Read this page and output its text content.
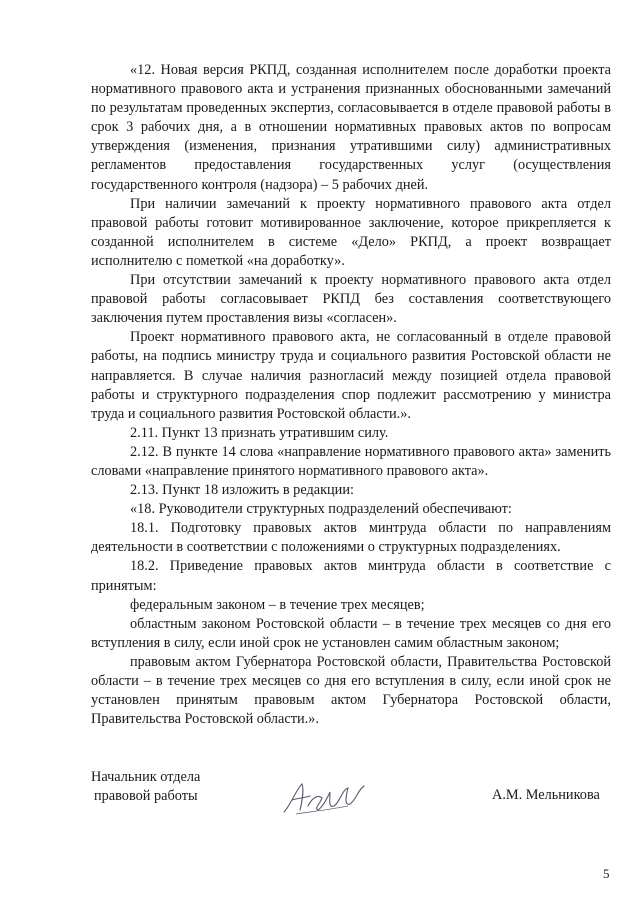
«12. Новая версия РКПД, созданная исполнителем после доработки проекта нормативного правового акта и устранения признанных обоснованными замечаний по результатам проведенных экспертиз, согласовывается в отделе правовой работы в срок 3 рабочих дня, а в отношении нормативных правовых актов по вопросам утверждения (изменения, признания утратившими силу) административных регламентов предоставления государственных услуг (осуществления государственного контроля (надзора) – 5 рабочих дней.

При наличии замечаний к проекту нормативного правового акта отдел правовой работы готовит мотивированное заключение, которое прикрепляется к созданной исполнителем в системе «Дело» РКПД, а проект возвращает исполнителю с пометкой «на доработку».

При отсутствии замечаний к проекту нормативного правового акта отдел правовой работы согласовывает РКПД без составления соответствующего заключения путем проставления визы «согласен».

Проект нормативного правового акта, не согласованный в отделе правовой работы, на подпись министру труда и социального развития Ростовской области не направляется. В случае наличия разногласий между позицией отдела правовой работы и структурного подразделения спор подлежит рассмотрению у министра труда и социального развития Ростовской области.».

2.11. Пункт 13 признать утратившим силу.

2.12. В пункте 14 слова «направление нормативного правового акта» заменить словами «направление принятого нормативного правового акта».

2.13. Пункт 18 изложить в редакции:

«18. Руководители структурных подразделений обеспечивают:

18.1. Подготовку правовых актов минтруда области по направлениям деятельности в соответствии с положениями о структурных подразделениях.

18.2. Приведение правовых актов минтруда области в соответствие с принятым:

федеральным законом – в течение трех месяцев;

областным законом Ростовской области – в течение трех месяцев со дня его вступления в силу, если иной срок не установлен самим областным законом;

правовым актом Губернатора Ростовской области, Правительства Ростовской области – в течение трех месяцев со дня его вступления в силу, если иной срок не установлен принятым правовым актом Губернатора Ростовской области, Правительства Ростовской области.».

Начальник отдела
правовой работы	А.М. Мельникова
5
